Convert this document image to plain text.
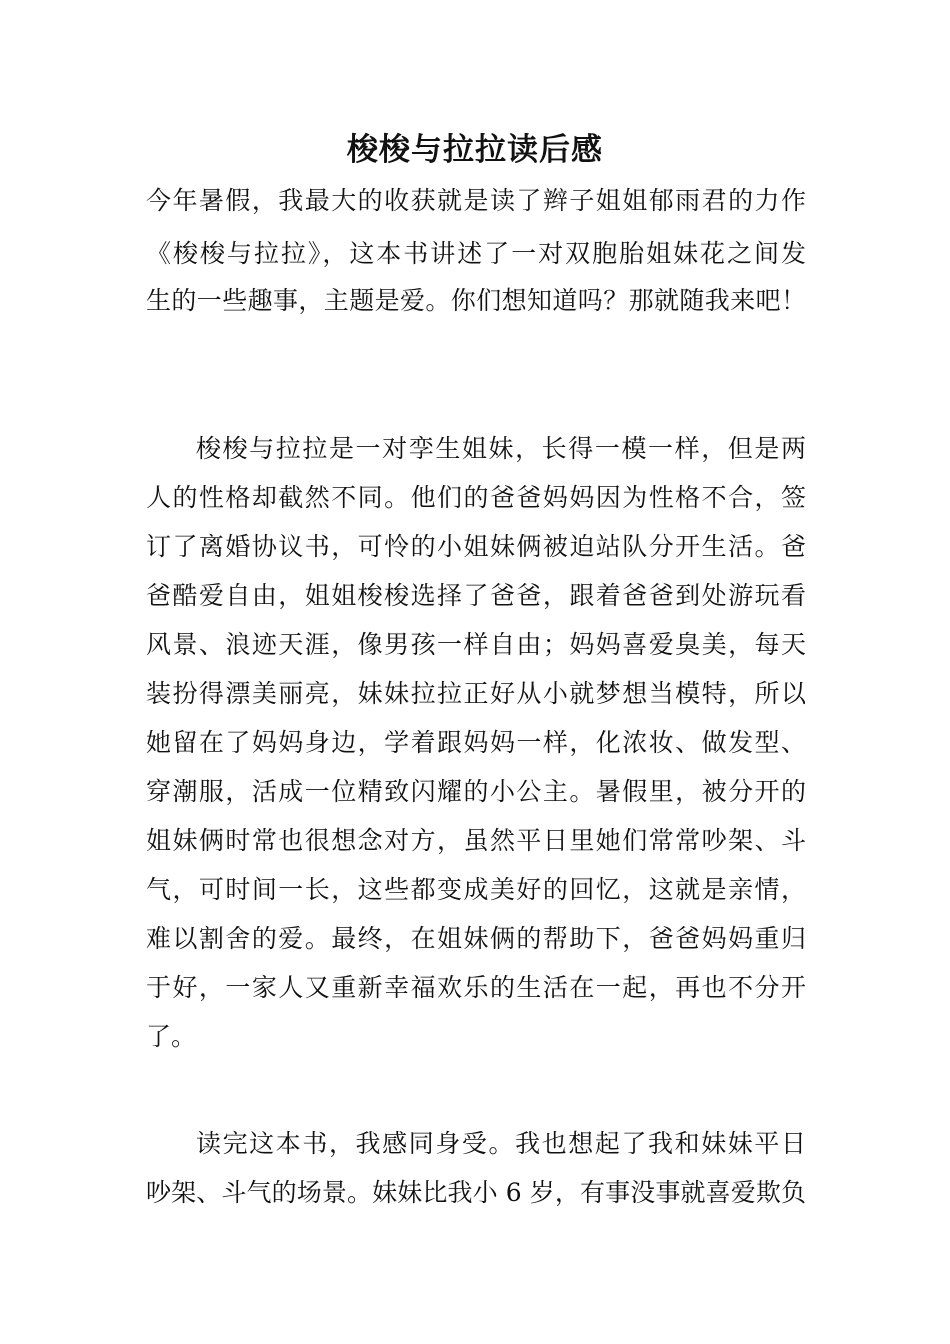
梭梭与拉拉读后感
今年暑假，我最大的收获就是读了辫子姐姐郁雨君的力作
《梭梭与拉拉》，这本书讲述了一对双胞胎姐妹花之间发
生的一些趣事，主题是爱。你们想知道吗？那就随我来吧！
梭梭与拉拉是一对孪生姐妹，长得一模一样，但是两
人的性格却截然不同。他们的爸爸妈妈因为性格不合，签
订了离婚协议书，可怜的小姐妹俩被迫站队分开生活。爸
爸酷爱自由，姐姐梭梭选择了爸爸，跟着爸爸到处游玩看
风景、浪迹天涯，像男孩一样自由；妈妈喜爱臭美，每天
装扮得漂美丽亮，妹妹拉拉正好从小就梦想当模特，所以
她留在了妈妈身边，学着跟妈妈一样，化浓妆、做发型、
穿潮服，活成一位精致闪耀的小公主。暑假里，被分开的
姐妹俩时常也很想念对方，虽然平日里她们常常吵架、斗
气，可时间一长，这些都变成美好的回忆，这就是亲情，
难以割舍的爱。最终，在姐妹俩的帮助下，爸爸妈妈重归
于好，一家人又重新幸福欢乐的生活在一起，再也不分开
了。
读完这本书，我感同身受。我也想起了我和妹妹平日
吵架、斗气的场景。妹妹比我小 6 岁，有事没事就喜爱欺负
